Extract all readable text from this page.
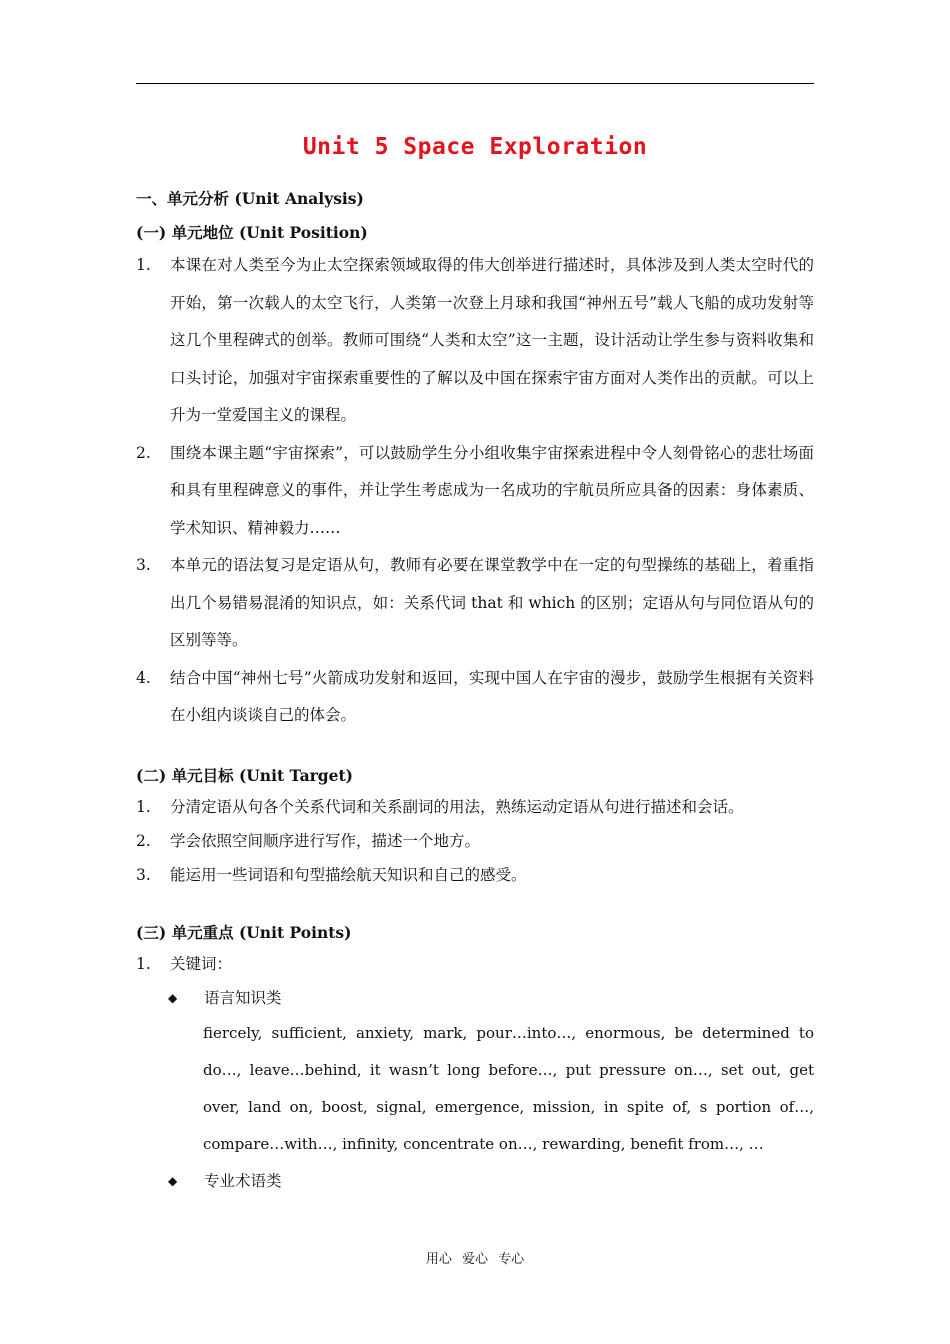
Unit 5 Space Exploration
一、单元分析 (Unit Analysis)
(一) 单元地位 (Unit Position)
1. 本课在对人类至今为止太空探索领域取得的伟大创举进行描述时，具体涉及到人类太空时代的开始，第一次载人的太空飞行，人类第一次登上月球和我国“神州五号”载人飞船的成功发射等这几个里程碑式的创举。教师可围绕“人类和太空”这一主题，设计活动让学生参与资料收集和口头讨论，加强对宇宙探索重要性的了解以及中国在探索宇宙方面对人类作出的贡献。可以上升为一堂爱国主义的课程。
2. 围绕本课主题“宇宙探索”，可以鼓励学生分小组收集宇宙探索进程中令人刻骨铭心的悲壮场面和具有里程碑意义的事件，并让学生考虑成为一名成功的宇航员所应具备的因素：身体素质、学术知识、精神毅力……
3. 本单元的语法复习是定语从句，教师有必要在课堂教学中在一定的句型操练的基础上，着重指出几个易错易混淆的知识点，如：关系代词 that 和 which 的区别；定语从句与同位语从句的区别等等。
4. 结合中国“神州七号”火箭成功发射和返回，实现中国人在宇宙的漫步，鼓励学生根据有关资料在小组内谈谈自己的体会。
(二) 单元目标 (Unit Target)
1. 分清定语从句各个关系代词和关系副词的用法，熟练运动定语从句进行描述和会话。
2. 学会依照空间顺序进行写作，描述一个地方。
3. 能运用一些词语和句型描绘航天知识和自己的感受。
(三) 单元重点 (Unit Points)
1. 关键词：
◆ 语言知识类
fiercely, sufficient, anxiety, mark, pour…into…, enormous, be determined to do…, leave…behind, it wasn’t long before…, put pressure on…, set out, get over, land on, boost, signal, emergence, mission, in spite of, s portion of…, compare…with…, infinity, concentrate on…, rewarding, benefit from…, …
◆ 专业术语类
用心 爱心 专心
